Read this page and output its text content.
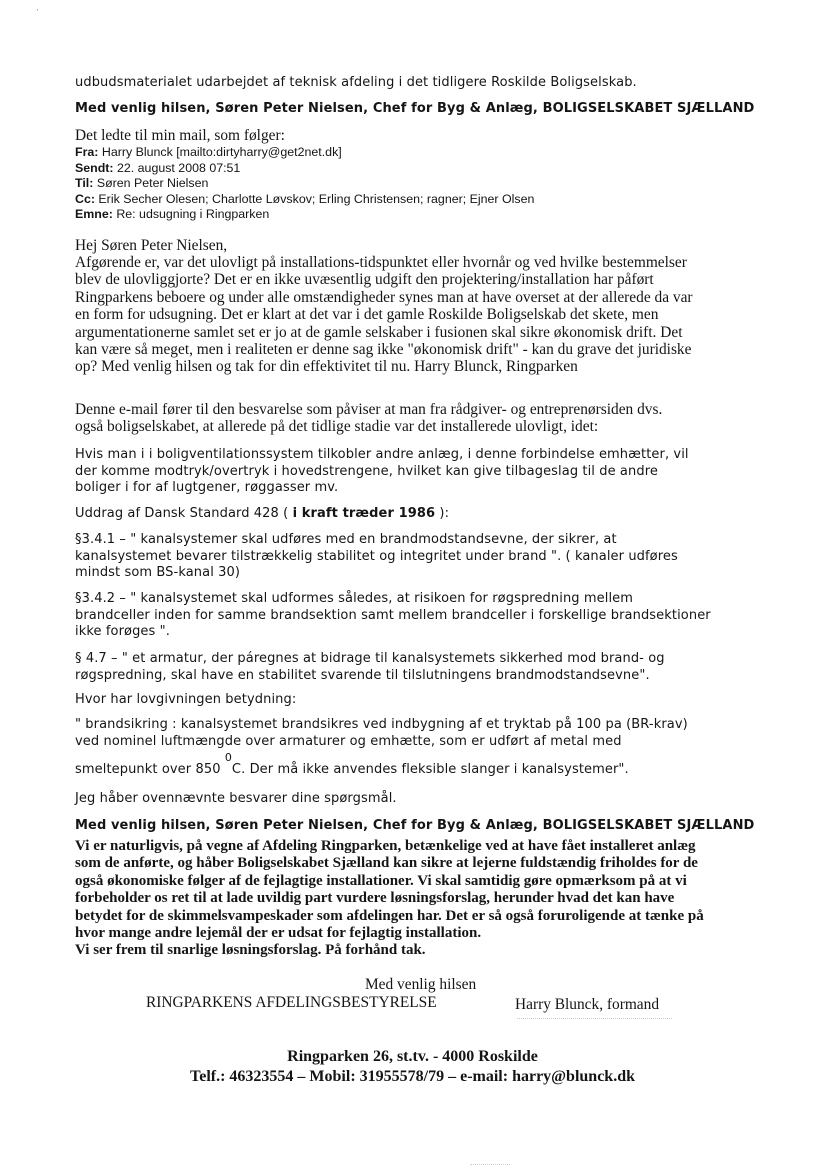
·
udbudsmaterialet udarbejdet af teknisk afdeling i det tidligere Roskilde Boligselskab.
Med venlig hilsen, Søren Peter Nielsen, Chef for Byg & Anlæg, BOLIGSELSKABET SJÆLLAND
Det ledte til min mail, som følger:
Fra: Harry Blunck [mailto:dirtyharry@get2net.dk]
Sendt: 22. august 2008 07:51
Til: Søren Peter Nielsen
Cc: Erik Secher Olesen; Charlotte Løvskov; Erling Christensen; ragner; Ejner Olsen
Emne: Re: udsugning i Ringparken
Hej Søren Peter Nielsen,
Afgørende er, var det ulovligt på installations-tidspunktet eller hvornår og ved hvilke bestemmelser
blev de ulovliggjorte? Det er en ikke uvæsentlig udgift den projektering/installation har påført
Ringparkens beboere og under alle omstændigheder synes man at have overset at der allerede da var
en form for udsugning. Det er klart at det var i det gamle Roskilde Boligselskab det skete, men
argumentationerne samlet set er jo at de gamle selskaber i fusionen skal sikre økonomisk drift. Det
kan være så meget, men i realiteten er denne sag ikke "økonomisk drift" - kan du grave det juridiske
op? Med venlig hilsen og tak for din effektivitet til nu. Harry Blunck, Ringparken
Denne e-mail fører til den besvarelse som påviser at man fra rådgiver- og entreprenørsiden dvs.
også boligselskabet, at allerede på det tidlige stadie var det installerede ulovligt, idet:
Hvis man i i boligventilationssystem tilkobler andre anlæg, i denne forbindelse emhætter, vil
der komme modtryk/overtryk i hovedstrengene, hvilket kan give tilbageslag til de andre
boliger i for af lugtgener, røggasser mv.
Uddrag af Dansk Standard 428 ( i kraft træder 1986 ):
§3.4.1 – " kanalsystemer skal udføres med en brandmodstandsevne, der sikrer, at
kanalsystemet bevarer tilstrækkelig stabilitet og integritet under brand ". ( kanaler udføres
mindst som BS-kanal 30)
§3.4.2 – " kanalsystemet skal udformes således, at risikoen for røgspredning mellem
brandceller inden for samme brandsektion samt mellem brandceller i forskellige brandsektioner
ikke forøges ".
§ 4.7 – " et armatur, der páregnes at bidrage til kanalsystemets sikkerhed mod brand- og
røgspredning, skal have en stabilitet svarende til tilslutningens brandmodstandsevne".
Hvor har lovgivningen betydning:
" brandsikring : kanalsystemet brandsikres ved indbygning af et tryktab på 100 pa (BR-krav)
ved nominel luftmængde over armaturer og emhætte, som er udført af metal med
smeltepunkt over 850 $^0$C. Der må ikke anvendes fleksible slanger i kanalsystemer".
Jeg håber ovennævnte besvarer dine spørgsmål.
Med venlig hilsen, Søren Peter Nielsen, Chef for Byg & Anlæg, BOLIGSELSKABET SJÆLLAND
Vi er naturligvis, på vegne af Afdeling Ringparken, betænkelige ved at have fået installeret anlæg
som de anførte, og håber Boligselskabet Sjælland kan sikre at lejerne fuldstændig friholdes for de
også økonomiske følger af de fejlagtige installationer. Vi skal samtidig gøre opmærksom på at vi
forbeholder os ret til at lade uvildig part vurdere løsningsforslag, herunder hvad det kan have
betydet for de skimmelsvampeskader som afdelingen har. Det er så også foruroligende at tænke på
hvor mange andre lejemål der er udsat for fejlagtig installation.
Vi ser frem til snarlige løsningsforslag. På forhånd tak.
Med venlig hilsen
RINGPARKENS AFDELINGSBESTYRELSE	Harry Blunck, formand
Ringparken 26, st.tv. - 4000 Roskilde
Telf.: 46323554 – Mobil: 31955578/79 – e-mail: harry@blunck.dk
